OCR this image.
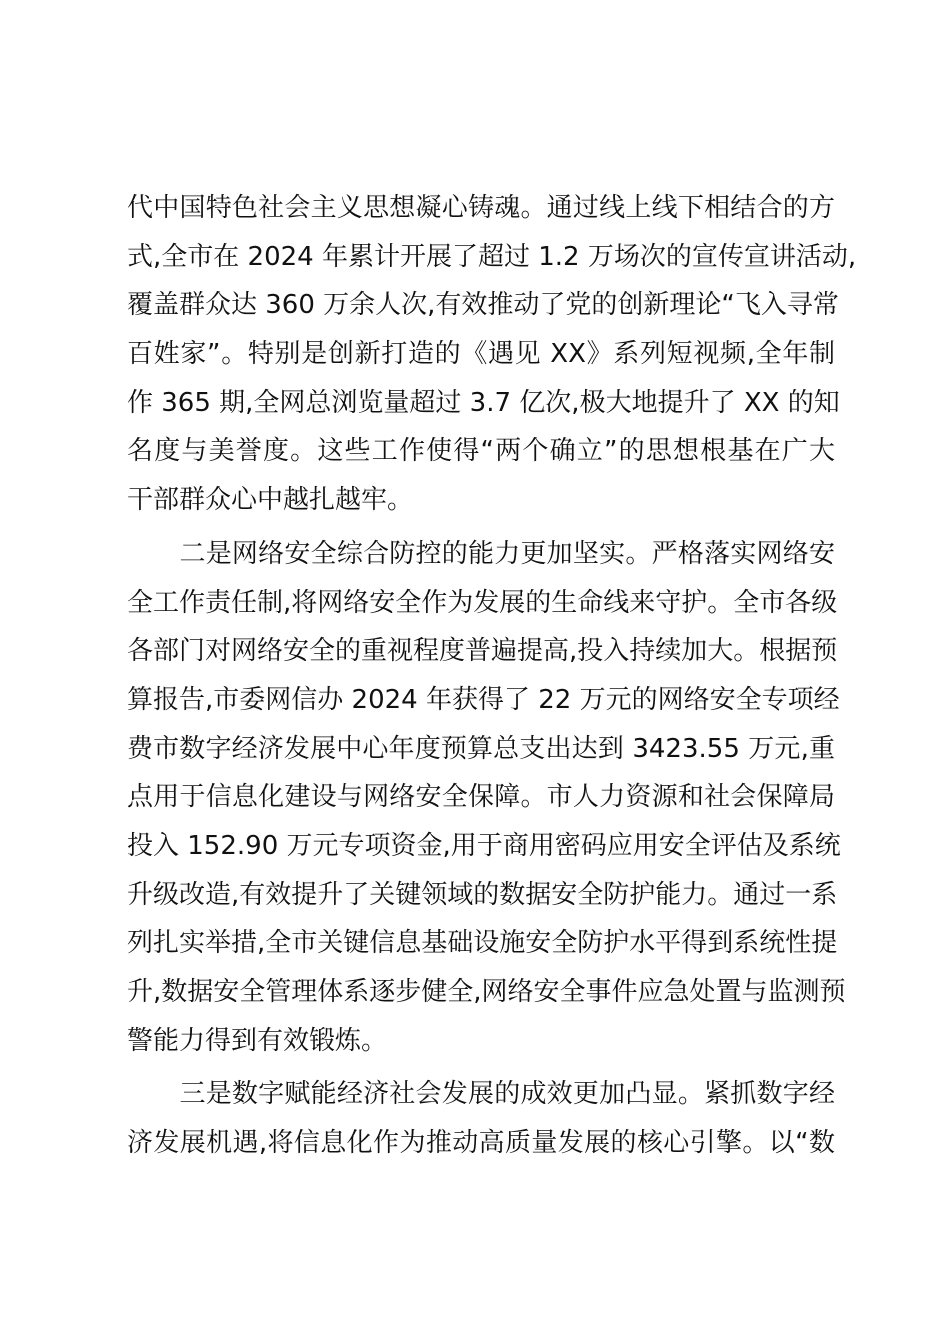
代中国特色社会主义思想凝心铸魂。通过线上线下相结合的方
式,全市在 2024 年累计开展了超过 1.2 万场次的宣传宣讲活动,
覆盖群众达 360 万余人次,有效推动了党的创新理论“飞入寻常
百姓家”。特别是创新打造的《遇见 XX》系列短视频,全年制
作 365 期,全网总浏览量超过 3.7 亿次,极大地提升了 XX 的知
名度与美誉度。这些工作使得“两个确立”的思想根基在广大
干部群众心中越扎越牢。
　　二是网络安全综合防控的能力更加坚实。严格落实网络安
全工作责任制,将网络安全作为发展的生命线来守护。全市各级
各部门对网络安全的重视程度普遍提高,投入持续加大。根据预
算报告,市委网信办 2024 年获得了 22 万元的网络安全专项经
费市数字经济发展中心年度预算总支出达到 3423.55 万元,重
点用于信息化建设与网络安全保障。市人力资源和社会保障局
投入 152.90 万元专项资金,用于商用密码应用安全评估及系统
升级改造,有效提升了关键领域的数据安全防护能力。通过一系
列扎实举措,全市关键信息基础设施安全防护水平得到系统性提
升,数据安全管理体系逐步健全,网络安全事件应急处置与监测预
警能力得到有效锻炼。
　　三是数字赋能经济社会发展的成效更加凸显。紧抓数字经
济发展机遇,将信息化作为推动高质量发展的核心引擎。以“数
